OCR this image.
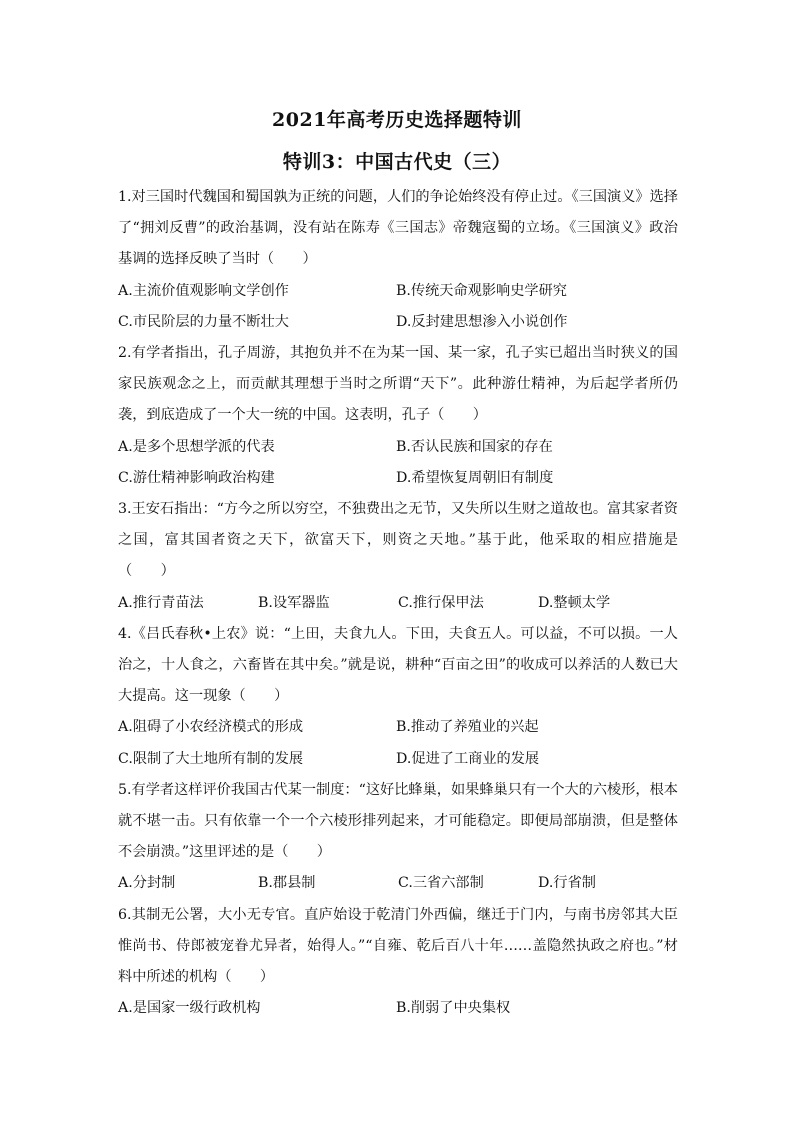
2021年高考历史选择题特训
特训3：中国古代史（三）
1.对三国时代魏国和蜀国孰为正统的问题，人们的争论始终没有停止过。《三国演义》选择了“拥刘反曹”的政治基调，没有站在陈寿《三国志》帝魏寇蜀的立场。《三国演义》政治基调的选择反映了当时（　　）
A.主流价值观影响文学创作	B.传统天命观影响史学研究
C.市民阶层的力量不断壮大	D.反封建思想渗入小说创作
2.有学者指出，孔子周游，其抱负并不在为某一国、某一家，孔子实已超出当时狭义的国家民族观念之上，而贡献其理想于当时之所谓“天下”。此种游仕精神，为后起学者所仍袭，到底造成了一个大一统的中国。这表明，孔子（　　）
A.是多个思想学派的代表	B.否认民族和国家的存在
C.游仕精神影响政治构建	D.希望恢复周朝旧有制度
3.王安石指出：“方今之所以穷空，不独费出之无节，又失所以生财之道故也。富其家者资之国，富其国者资之天下，欲富天下，则资之天地。”基于此，他采取的相应措施是（　　）
A.推行青苗法	B.设军器监	C.推行保甲法	D.整顿太学
4.《吕氏春秋•上农》说：“上田，夫食九人。下田，夫食五人。可以益，不可以损。一人治之，十人食之，六畜皆在其中矣。”就是说，耕种“百亩之田”的收成可以养活的人数已大大提高。这一现象（　　）
A.阻碍了小农经济模式的形成	B.推动了养殖业的兴起
C.限制了大土地所有制的发展	D.促进了工商业的发展
5.有学者这样评价我国古代某一制度：“这好比蜂巢，如果蜂巢只有一个大的六棱形，根本就不堪一击。只有依靠一个一个六棱形排列起来，才可能稳定。即便局部崩溃，但是整体不会崩溃。”这里评述的是（　　）
A.分封制	B.郡县制	C.三省六部制	D.行省制
6.其制无公署，大小无专官。直庐始设于乾清门外西偏，继迁于门内，与南书房邻其大臣惟尚书、侍郎被宠眷尤异者，始得人。”“自雍、乾后百八十年……盖隐然执政之府也。”材料中所述的机构（　　）
A.是国家一级行政机构	B.削弱了中央集权
